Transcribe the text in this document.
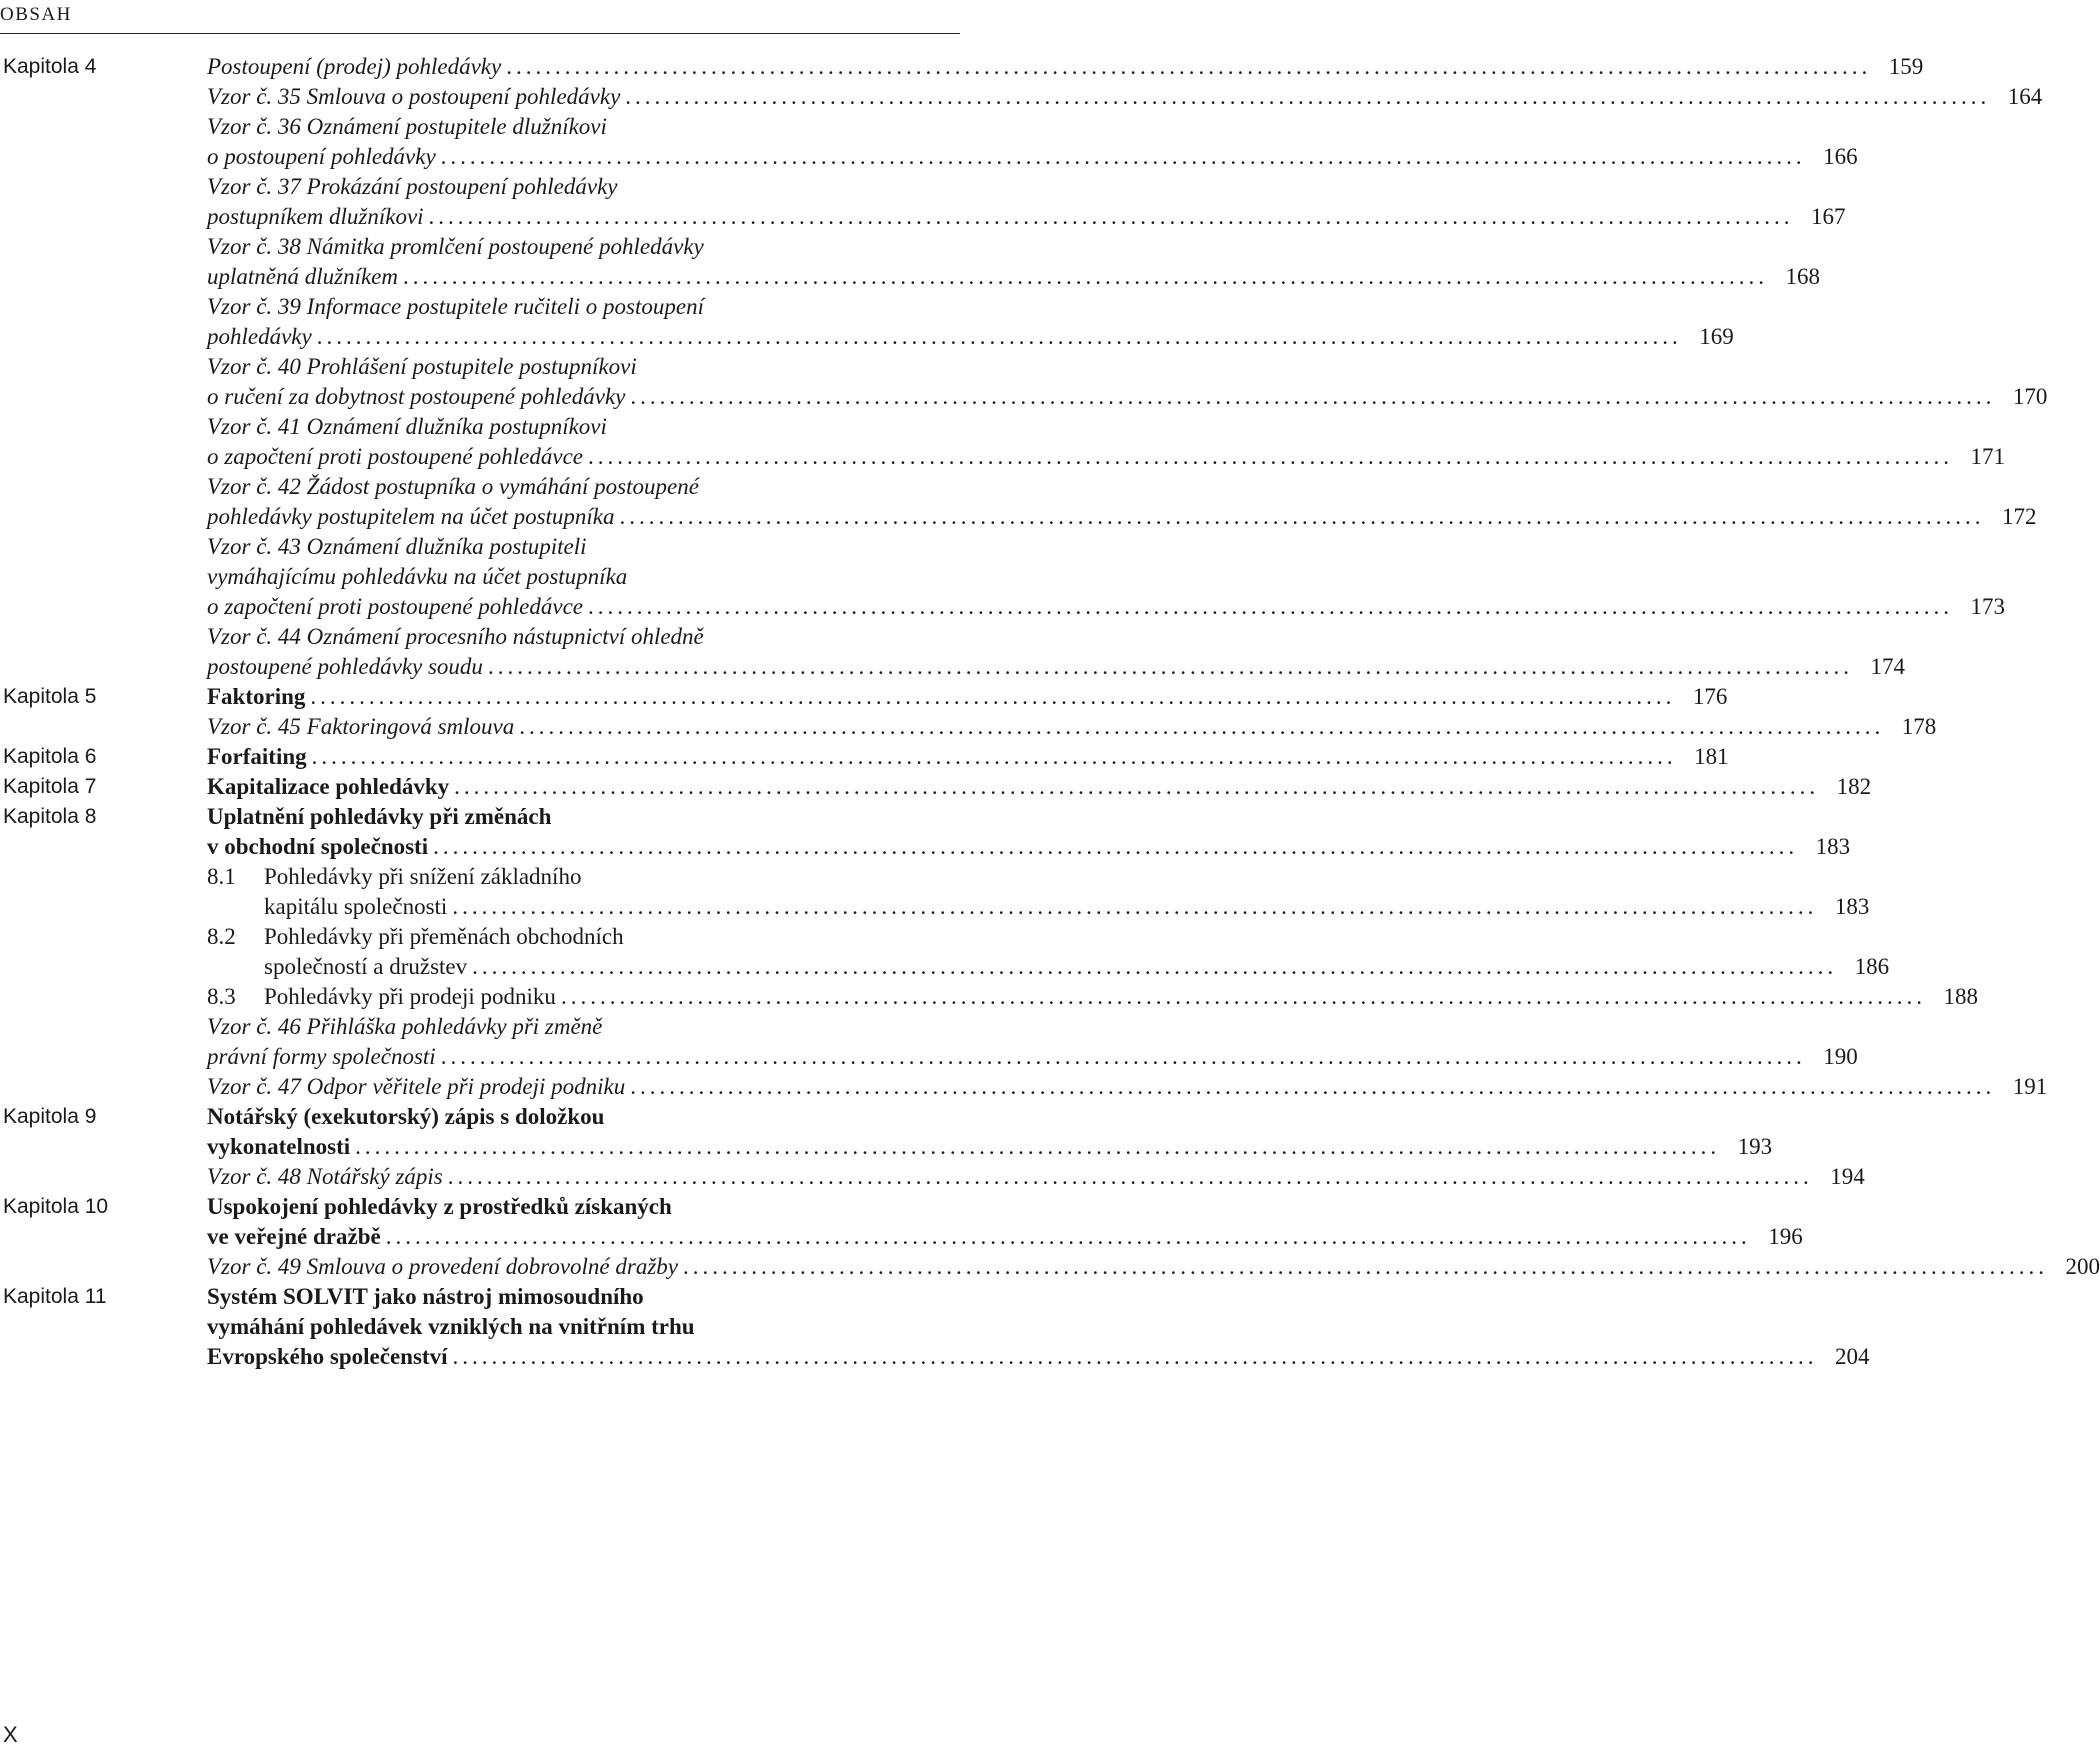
OBSAH
Kapitola 4	Postoupení (prodej) pohledávky ............................................................................................................................................ 159
Vzor č. 35 Smlouva o postoupení pohledávky ............................................................................................................................................ 164
Vzor č. 36 Oznámení postupitele dlužníkovi
o postoupení pohledávky ............................................................................................................................................ 166
Vzor č. 37 Prokázání postoupení pohledávky
postupníkem dlužníkovi ............................................................................................................................................ 167
Vzor č. 38 Námitka promlčení postoupené pohledávky
uplatněná dlužníkem ............................................................................................................................................ 168
Vzor č. 39 Informace postupitele ručiteli o postoupení
pohledávky ............................................................................................................................................ 169
Vzor č. 40 Prohlášení postupitele postupníkovi
o ručení za dobytnost postoupené pohledávky ............................................................................................................................................ 170
Vzor č. 41 Oznámení dlužníka postupníkovi
o započtení proti postoupené pohledávce ............................................................................................................................................ 171
Vzor č. 42 Žádost postupníka o vymáhání postoupené
pohledávky postupitelem na účet postupníka ............................................................................................................................................ 172
Vzor č. 43 Oznámení dlužníka postupiteli
vymáhajícímu pohledávku na účet postupníka
o započtení proti postoupené pohledávce ............................................................................................................................................ 173
Vzor č. 44 Oznámení procesního nástupnictví ohledně
postoupené pohledávky soudu ............................................................................................................................................ 174
Kapitola 5	Faktoring ............................................................................................................................................ 176
Vzor č. 45 Faktoringová smlouva ............................................................................................................................................ 178
Kapitola 6	Forfaiting ............................................................................................................................................ 181
Kapitola 7	Kapitalizace pohledávky ............................................................................................................................................ 182
Kapitola 8	Uplatnění pohledávky při změnách
v obchodní společnosti ............................................................................................................................................ 183
8.1	Pohledávky při snížení základního
kapitálu společnosti ............................................................................................................................................ 183
8.2	Pohledávky při přeměnách obchodních
společností a družstev ............................................................................................................................................ 186
8.3	Pohledávky při prodeji podniku ............................................................................................................................................ 188
Vzor č. 46 Přihláška pohledávky při změně
právní formy společnosti ............................................................................................................................................ 190
Vzor č. 47 Odpor věřitele při prodeji podniku ............................................................................................................................................ 191
Kapitola 9	Notářský (exekutorský) zápis s doložkou
vykonatelnosti ............................................................................................................................................ 193
Vzor č. 48 Notářský zápis ............................................................................................................................................ 194
Kapitola 10	Uspokojení pohledávky z prostředků získaných
ve veřejné dražbě ............................................................................................................................................ 196
Vzor č. 49 Smlouva o provedení dobrovolné dražby ............................................................................................................................................ 200
Kapitola 11	Systém SOLVIT jako nástroj mimosoudního
vymáhání pohledávek vzniklých na vnitřním trhu
Evropského společenství ............................................................................................................................................ 204
X
